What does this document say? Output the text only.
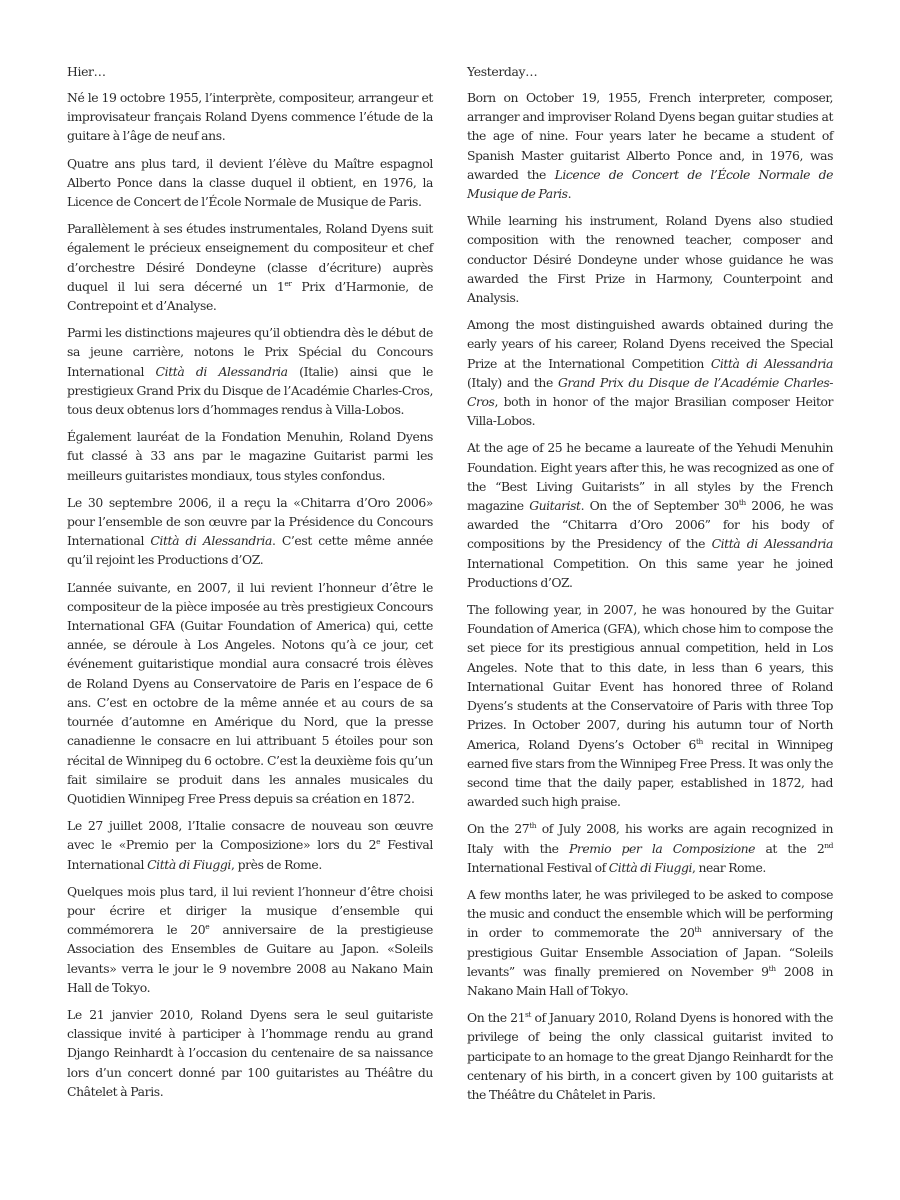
Hier…

Né le 19 octobre 1955, l’interprète, compositeur, arrangeur et improvisateur français Roland Dyens commence l’étude de la guitare à l’âge de neuf ans.

Quatre ans plus tard, il devient l’élève du Maître espagnol Alberto Ponce dans la classe duquel il obtient, en 1976, la Licence de Concert de l’École Normale de Musique de Paris.

Parallèlement à ses études instrumentales, Roland Dyens suit également le précieux enseignement du compositeur et chef d’orchestre Désiré Dondeyne (classe d’écriture) auprès duquel il lui sera décerné un 1er Prix d’Harmonie, de Contrepoint et d’Analyse.

Parmi les distinctions majeures qu’il obtiendra dès le début de sa jeune carrière, notons le Prix Spécial du Concours International Città di Alessandria (Italie) ainsi que le prestigieux Grand Prix du Disque de l’Académie Charles-Cros, tous deux obtenus lors d’hommages rendus à Villa-Lobos.

Également lauréat de la Fondation Menuhin, Roland Dyens fut classé à 33 ans par le magazine Guitarist parmi les meilleurs guitaristes mondiaux, tous styles confondus.

Le 30 septembre 2006, il a reçu la «Chitarra d’Oro 2006» pour l’ensemble de son œuvre par la Présidence du Concours International Città di Alessandria. C’est cette même année qu’il rejoint les Productions d’OZ.

L’année suivante, en 2007, il lui revient l’honneur d’être le compositeur de la pièce imposée au très prestigieux Concours International GFA (Guitar Foundation of America) qui, cette année, se déroule à Los Angeles. Notons qu’à ce jour, cet événement guitaristique mondial aura consacré trois élèves de Roland Dyens au Conservatoire de Paris en l’espace de 6 ans. C’est en octobre de la même année et au cours de sa tournée d’automne en Amérique du Nord, que la presse canadienne le consacre en lui attribuant 5 étoiles pour son récital de Winnipeg du 6 octobre. C’est la deuxième fois qu’un fait similaire se produit dans les annales musicales du Quotidien Winnipeg Free Press depuis sa création en 1872.

Le 27 juillet 2008, l’Italie consacre de nouveau son œuvre avec le «Premio per la Composizione» lors du 2e Festival International Città di Fiuggi, près de Rome.

Quelques mois plus tard, il lui revient l’honneur d’être choisi pour écrire et diriger la musique d’ensemble qui commémorera le 20e anniversaire de la prestigieuse Association des Ensembles de Guitare au Japon. «Soleils levants» verra le jour le 9 novembre 2008 au Nakano Main Hall de Tokyo.

Le 21 janvier 2010, Roland Dyens sera le seul guitariste classique invité à participer à l’hommage rendu au grand Django Reinhardt à l’occasion du centenaire de sa naissance lors d’un concert donné par 100 guitaristes au Théâtre du Châtelet à Paris.

Yesterday…

Born on October 19, 1955, French interpreter, composer, arranger and improviser Roland Dyens began guitar studies at the age of nine. Four years later he became a student of Spanish Master guitarist Alberto Ponce and, in 1976, was awarded the Licence de Concert de l’École Normale de Musique de Paris.

While learning his instrument, Roland Dyens also studied composition with the renowned teacher, composer and conductor Désiré Dondeyne under whose guidance he was awarded the First Prize in Harmony, Counterpoint and Analysis.

Among the most distinguished awards obtained during the early years of his career, Roland Dyens received the Special Prize at the International Competition Città di Alessandria (Italy) and the Grand Prix du Disque de l’Académie Charles-Cros, both in honor of the major Brasilian composer Heitor Villa-Lobos.

At the age of 25 he became a laureate of the Yehudi Menuhin Foundation. Eight years after this, he was recognized as one of the “Best Living Guitarists” in all styles by the French magazine Guitarist. On the of September 30th 2006, he was awarded the “Chitarra d’Oro 2006” for his body of compositions by the Presidency of the Città di Alessandria International Competition. On this same year he joined Productions d’OZ.

The following year, in 2007, he was honoured by the Guitar Foundation of America (GFA), which chose him to compose the set piece for its prestigious annual competition, held in Los Angeles. Note that to this date, in less than 6 years, this International Guitar Event has honored three of Roland Dyens’s students at the Conservatoire of Paris with three Top Prizes. In October 2007, during his autumn tour of North America, Roland Dyens’s October 6th recital in Winnipeg earned five stars from the Winnipeg Free Press. It was only the second time that the daily paper, established in 1872, had awarded such high praise.

On the 27th of July 2008, his works are again recognized in Italy with the Premio per la Composizione at the 2nd International Festival of Città di Fiuggi, near Rome.

A few months later, he was privileged to be asked to compose the music and conduct the ensemble which will be performing in order to commemorate the 20th anniversary of the prestigious Guitar Ensemble Association of Japan. “Soleils levants” was finally premiered on November 9th 2008 in Nakano Main Hall of Tokyo.

On the 21st of January 2010, Roland Dyens is honored with the privilege of being the only classical guitarist invited to participate to an homage to the great Django Reinhardt for the centenary of his birth, in a concert given by 100 guitarists at the Théâtre du Châtelet in Paris.
